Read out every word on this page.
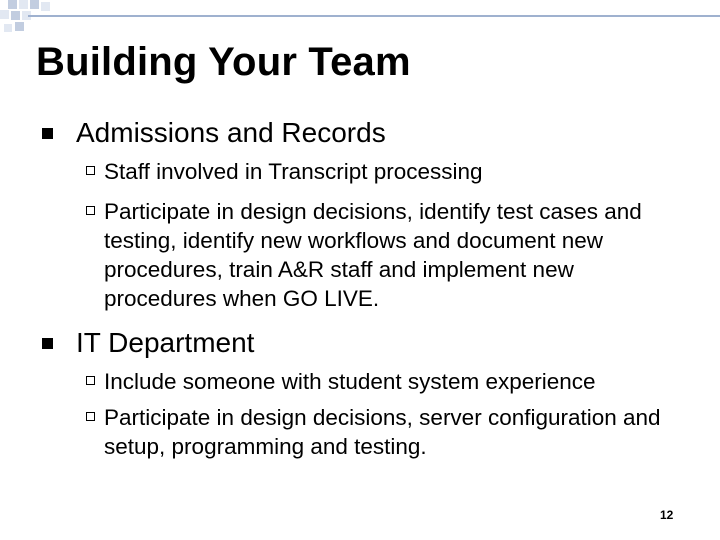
Building Your Team
Admissions and Records
Staff involved in Transcript processing
Participate in design decisions, identify test cases and testing, identify new workflows and document new procedures, train A&R staff and implement new procedures when GO LIVE.
IT Department
Include someone with student system experience
Participate in design decisions, server configuration and setup, programming and testing.
12
